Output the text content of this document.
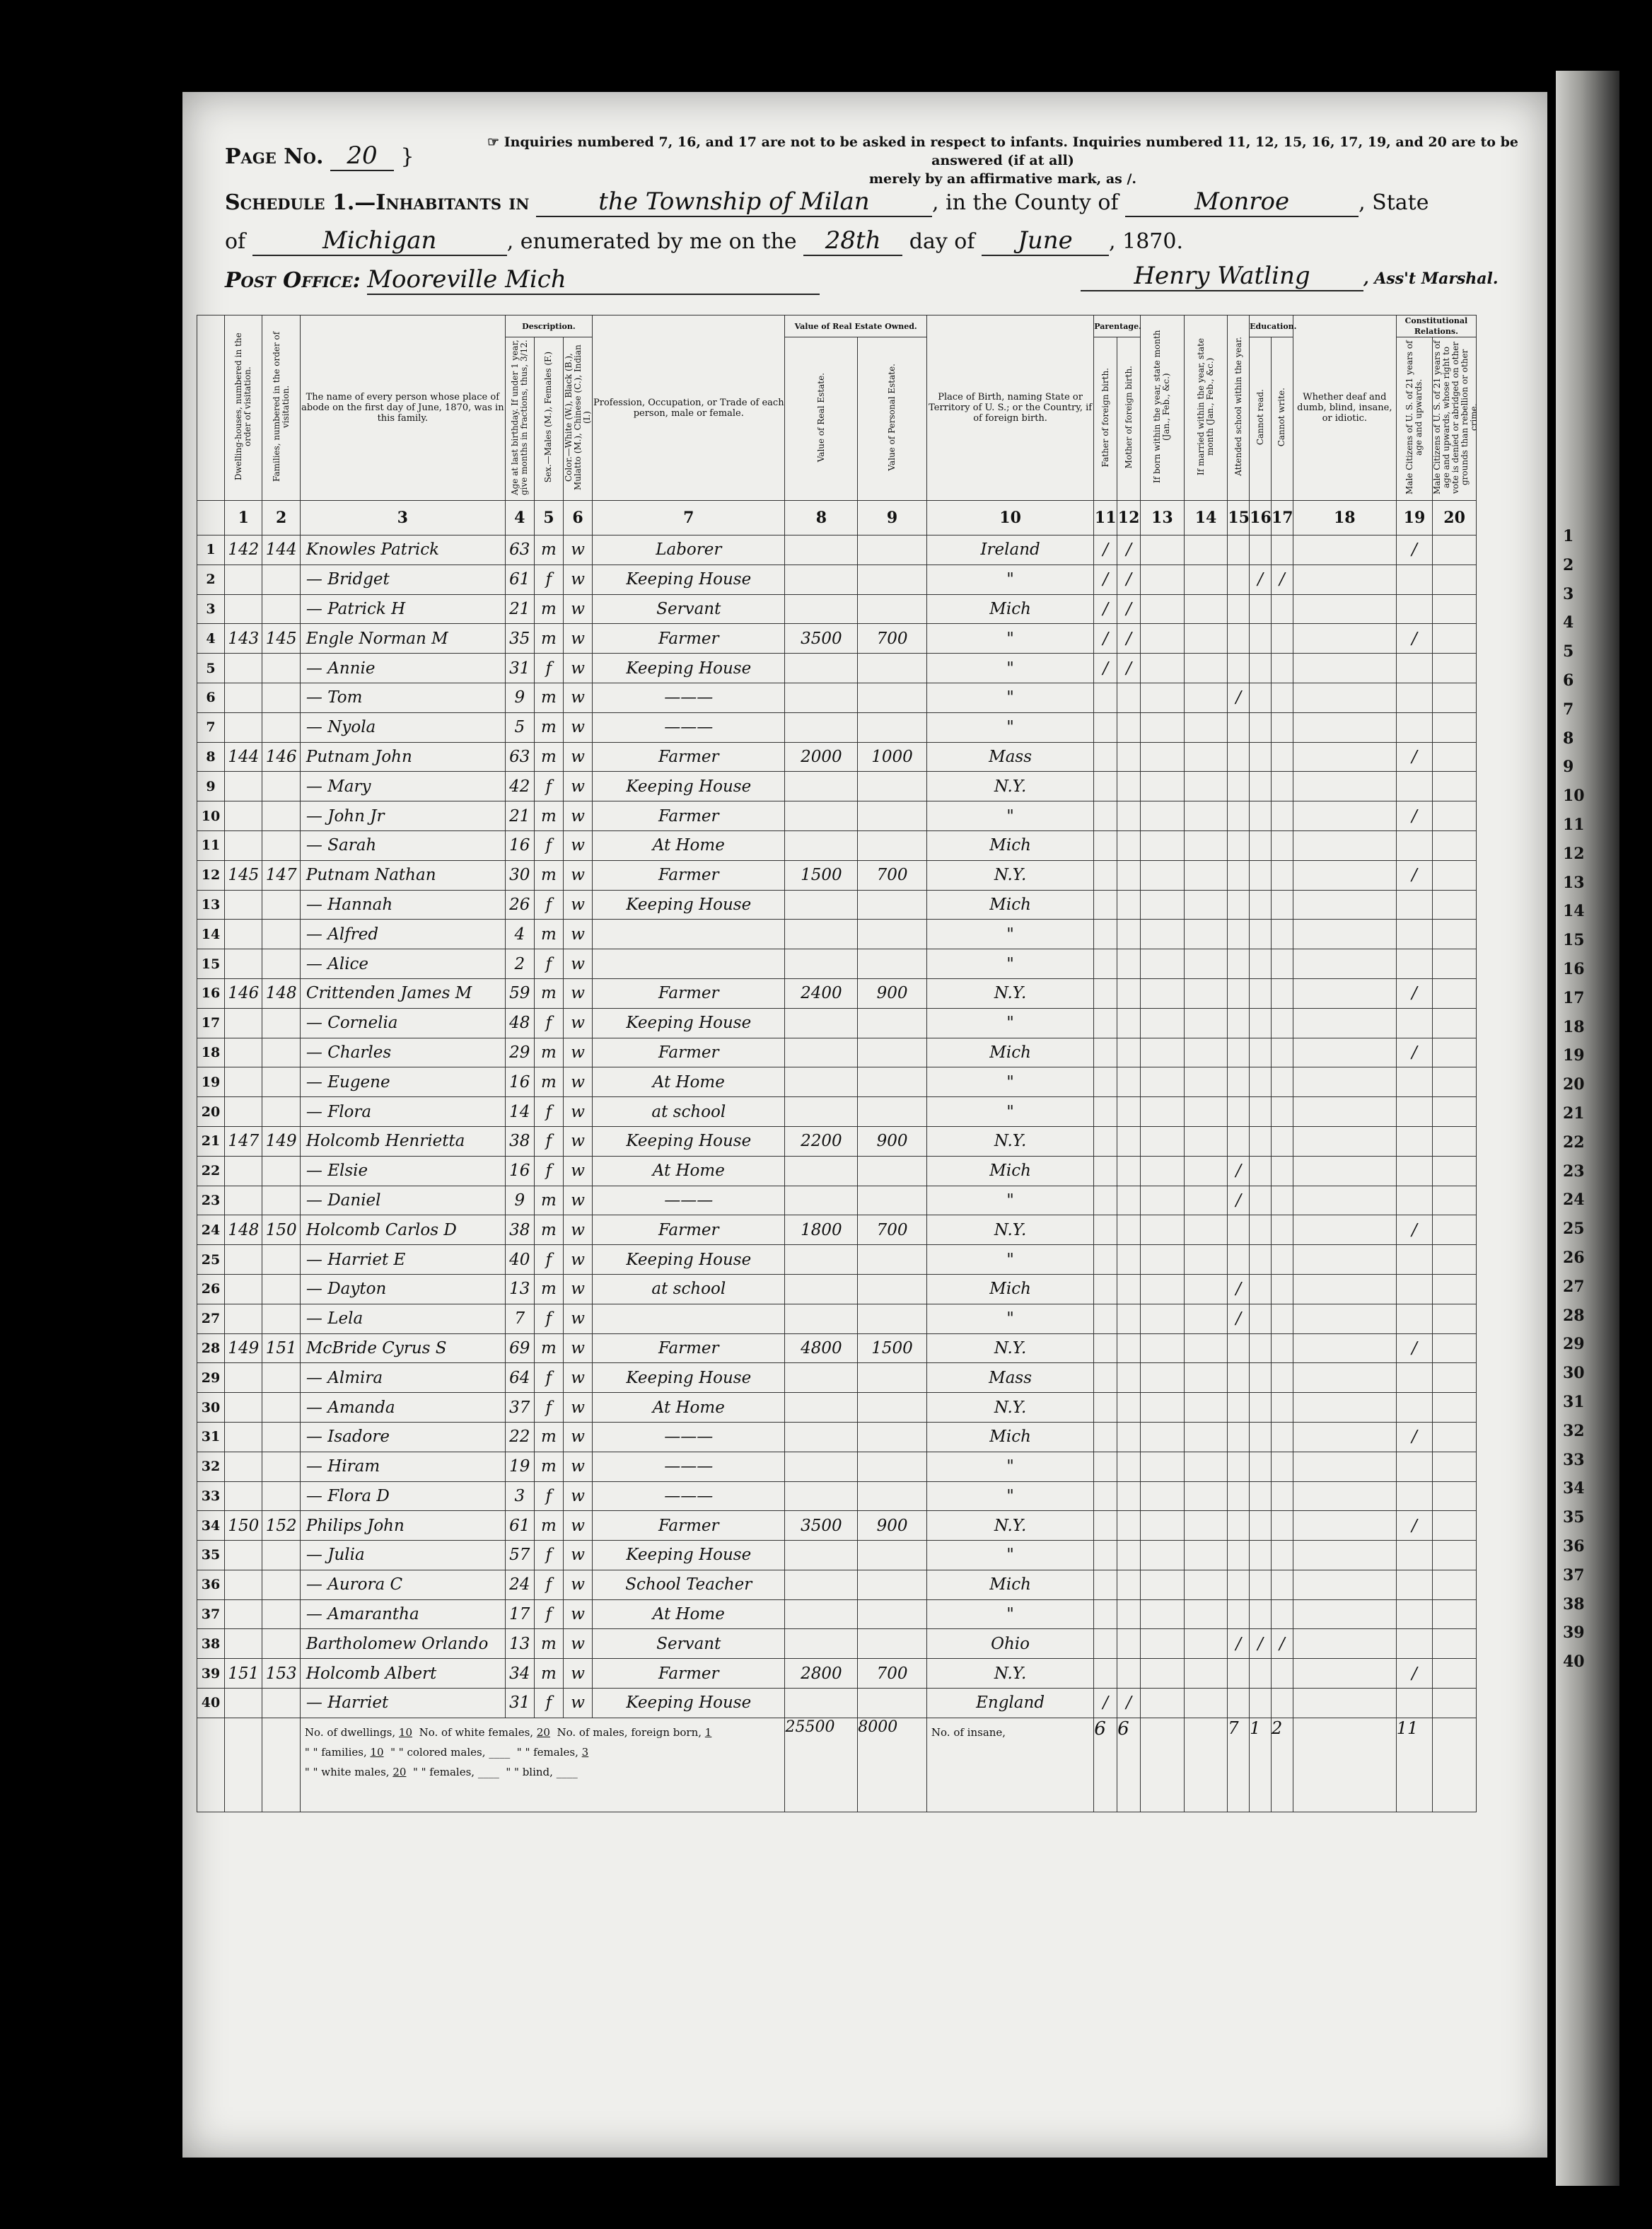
1
2
3
4
5
6
7
8
9
10
11
12
13
14
15
16
17
18
19
20
21
22
23
24
25
26
27
28
29
30
31
32
33
34
35
36
37
38
39
40
Page No. 20 }
☞ Inquiries numbered 7, 16, and 17 are not to be asked in respect to infants. Inquiries numbered 11, 12, 15, 16, 17, 19, and 20 are to be answered (if at all)
merely by an affirmative mark, as /.
Schedule 1.—Inhabitants in	the Township of Milan	, in the County of	Monroe	, State
of	Michigan	, enumerated by me on the 28th day of June , 1870.
Post Office: Mooreville Mich	Henry Watling	, Ass't Marshal.
	Dwelling-houses, numbered in the order of visitation.	Families, numbered in the order of visitation.	The name of every person whose place of abode on the first day of June, 1870, was in this family.	Description.			Profession, Occupation, or Trade of each person, male or female.	Value of Real Estate Owned.		Place of Birth, naming State or Territory of U. S.; or the Country, if of foreign birth.	Parentage.		If born within the year, state month (Jan., Feb., &c.)	If married within the year, state month (Jan., Feb., &c.)	Attended school within the year.	Education.		Whether deaf and dumb, blind, insane, or idiotic.	Constitutional Relations.	
				Age at last birthday. If under 1 year, give months in fractions, thus, 3/12.	Sex.—Males (M.), Females (F.)	Color.—White (W.), Black (B.), Mulatto (M.), Chinese (C.), Indian (I.)		Value of Real Estate.	Value of Personal Estate.		Father of foreign birth.	Mother of foreign birth.				Cannot read.	Cannot write.		Male Citizens of U. S. of 21 years of age and upwards.	Male Citizens of U. S. of 21 years of age and upwards, whose right to vote is denied or abridged on other grounds than rebellion or other crime.
	1	2	3	4	5	6	7	8	9	10	11	12	13	14	15	16	17	18	19	20
1	142	144	Knowles Patrick	63	m	w	Laborer			Ireland	/	/							/	
2			— Bridget	61	f	w	Keeping House			"	/	/				/	/			
3			— Patrick H	21	m	w	Servant			Mich	/	/								
4	143	145	Engle Norman M	35	m	w	Farmer	3500	700	"	/	/							/	
5			— Annie	31	f	w	Keeping House			"	/	/								
6			— Tom	9	m	w	———			"					/					
7			— Nyola	5	m	w	———			"										
8	144	146	Putnam John	63	m	w	Farmer	2000	1000	Mass									/	
9			— Mary	42	f	w	Keeping House			N.Y.										
10			— John Jr	21	m	w	Farmer			"									/	
11			— Sarah	16	f	w	At Home			Mich										
12	145	147	Putnam Nathan	30	m	w	Farmer	1500	700	N.Y.									/	
13			— Hannah	26	f	w	Keeping House			Mich										
14			— Alfred	4	m	w				"										
15			— Alice	2	f	w				"										
16	146	148	Crittenden James M	59	m	w	Farmer	2400	900	N.Y.									/	
17			— Cornelia	48	f	w	Keeping House			"										
18			— Charles	29	m	w	Farmer			Mich									/	
19			— Eugene	16	m	w	At Home			"										
20			— Flora	14	f	w	at school			"										
21	147	149	Holcomb Henrietta	38	f	w	Keeping House	2200	900	N.Y.										
22			— Elsie	16	f	w	At Home			Mich					/					
23			— Daniel	9	m	w	———			"					/					
24	148	150	Holcomb Carlos D	38	m	w	Farmer	1800	700	N.Y.									/	
25			— Harriet E	40	f	w	Keeping House			"										
26			— Dayton	13	m	w	at school			Mich					/					
27			— Lela	7	f	w				"					/					
28	149	151	McBride Cyrus S	69	m	w	Farmer	4800	1500	N.Y.									/	
29			— Almira	64	f	w	Keeping House			Mass										
30			— Amanda	37	f	w	At Home			N.Y.										
31			— Isadore	22	m	w	———			Mich									/	
32			— Hiram	19	m	w	———			"										
33			— Flora D	3	f	w	———			"										
34	150	152	Philips John	61	m	w	Farmer	3500	900	N.Y.									/	
35			— Julia	57	f	w	Keeping House			"										
36			— Aurora C	24	f	w	School Teacher			Mich										
37			— Amarantha	17	f	w	At Home			"										
38			Bartholomew Orlando	13	m	w	Servant			Ohio					/	/	/			
39	151	153	Holcomb Albert	34	m	w	Farmer	2800	700	N.Y.									/	
40			— Harriet	31	f	w	Keeping House			England	/	/								
			No. of dwellings, 10 No. of white females, 20 No. of males, foreign born, 1
" " families, 10 " " colored males, ____  " " females, 3
" " white males, 20 " " females, ____  " " blind, ____					25500	8000	No. of insane,	6	6			7	1	2		11	
